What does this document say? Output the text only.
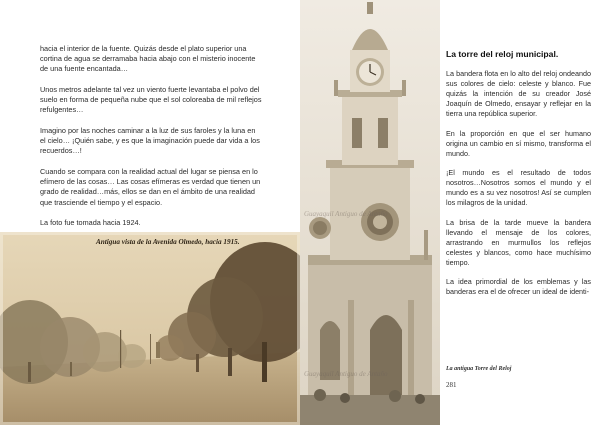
hacia el interior de la fuente. Quizás desde el plato superior una cortina de agua se derramaba hacia abajo con el misterio inocente de una fuente encantada…

Unos metros adelante tal vez un viento fuerte levantaba el polvo del suelo en forma de pequeña nube que el sol coloreaba de mil reflejos refulgentes…

Imagino por las noches caminar a la luz de sus faroles y la luna en el cielo… ¡Quién sabe, y es que la imaginación puede dar vida a los recuerdos…!

Cuando se compara con la realidad actual del lugar se piensa en lo efímero de las cosas… Las cosas efímeras es verdad que tienen un grado de realidad…más, ellos se dan en el ámbito de una realidad que trasciende el tiempo y el espacio.

La foto fue tomada hacia 1924.

Antigua vista de la Avenida Olmedo, hacia 1915.
Guayaquil Antiguo de Antaño
Guayaquil Antiguo de Antaño
La torre del reloj municipal.

La bandera flota en lo alto del reloj ondeando sus colores de cielo: celeste y blanco. Fue quizás la intención de su creador José Joaquín de Olmedo, ensayar y reflejar en la tierra una república superior.

En la proporción en que el ser humano origina un cambio en sí mismo, transforma el mundo.

¡El mundo es el resultado de todos nosotros…Nosotros somos el mundo y el mundo es a su vez nosotros! Así se cumplen los milagros de la unidad.

La brisa de la tarde mueve la bandera llevando el mensaje de los colores, arrastrando en murmullos los reflejos celestes y blancos, como hace muchísimo tiempo.

La idea primordial de los emblemas y las banderas era el de ofrecer un ideal de identi-

La antigua Torre del Reloj
281
